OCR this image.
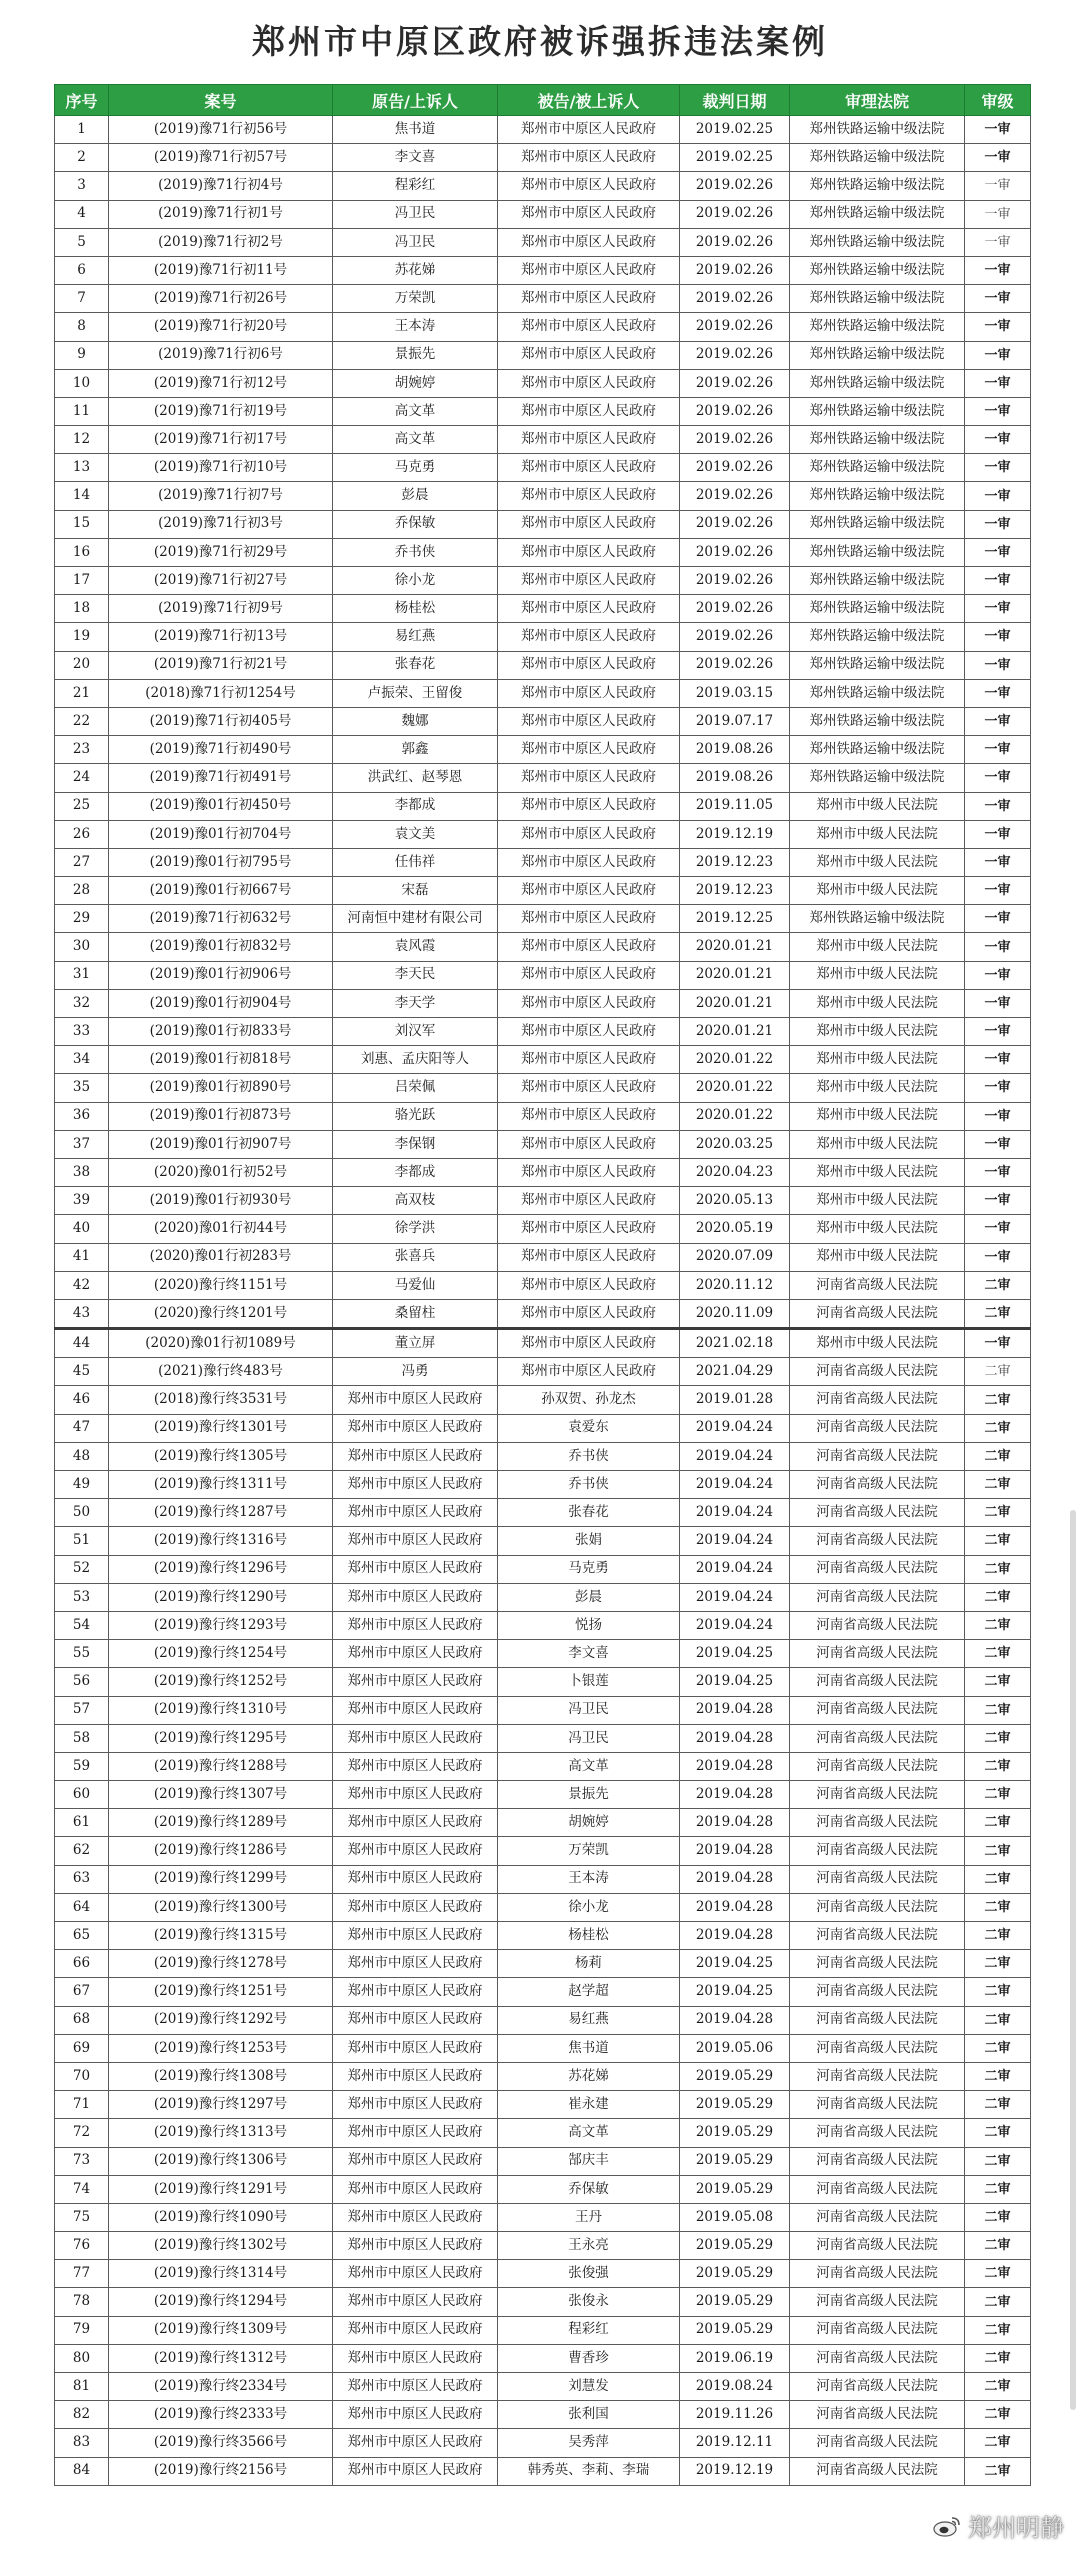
郑州市中原区政府被诉强拆违法案例
序号	案号	原告/上诉人	被告/被上诉人	裁判日期	审理法院	审级
1	(2019)豫71行初56号	焦书道	郑州市中原区人民政府	2019.02.25	郑州铁路运输中级法院	一审
2	(2019)豫71行初57号	李文喜	郑州市中原区人民政府	2019.02.25	郑州铁路运输中级法院	一审
3	(2019)豫71行初4号	程彩红	郑州市中原区人民政府	2019.02.26	郑州铁路运输中级法院	一审
4	(2019)豫71行初1号	冯卫民	郑州市中原区人民政府	2019.02.26	郑州铁路运输中级法院	一审
5	(2019)豫71行初2号	冯卫民	郑州市中原区人民政府	2019.02.26	郑州铁路运输中级法院	一审
6	(2019)豫71行初11号	苏花娣	郑州市中原区人民政府	2019.02.26	郑州铁路运输中级法院	一审
7	(2019)豫71行初26号	万荣凯	郑州市中原区人民政府	2019.02.26	郑州铁路运输中级法院	一审
8	(2019)豫71行初20号	王本涛	郑州市中原区人民政府	2019.02.26	郑州铁路运输中级法院	一审
9	(2019)豫71行初6号	景振先	郑州市中原区人民政府	2019.02.26	郑州铁路运输中级法院	一审
10	(2019)豫71行初12号	胡婉婷	郑州市中原区人民政府	2019.02.26	郑州铁路运输中级法院	一审
11	(2019)豫71行初19号	高文革	郑州市中原区人民政府	2019.02.26	郑州铁路运输中级法院	一审
12	(2019)豫71行初17号	高文革	郑州市中原区人民政府	2019.02.26	郑州铁路运输中级法院	一审
13	(2019)豫71行初10号	马克勇	郑州市中原区人民政府	2019.02.26	郑州铁路运输中级法院	一审
14	(2019)豫71行初7号	彭晨	郑州市中原区人民政府	2019.02.26	郑州铁路运输中级法院	一审
15	(2019)豫71行初3号	乔保敏	郑州市中原区人民政府	2019.02.26	郑州铁路运输中级法院	一审
16	(2019)豫71行初29号	乔书侠	郑州市中原区人民政府	2019.02.26	郑州铁路运输中级法院	一审
17	(2019)豫71行初27号	徐小龙	郑州市中原区人民政府	2019.02.26	郑州铁路运输中级法院	一审
18	(2019)豫71行初9号	杨桂松	郑州市中原区人民政府	2019.02.26	郑州铁路运输中级法院	一审
19	(2019)豫71行初13号	易红燕	郑州市中原区人民政府	2019.02.26	郑州铁路运输中级法院	一审
20	(2019)豫71行初21号	张春花	郑州市中原区人民政府	2019.02.26	郑州铁路运输中级法院	一审
21	(2018)豫71行初1254号	卢振荣、王留俊	郑州市中原区人民政府	2019.03.15	郑州铁路运输中级法院	一审
22	(2019)豫71行初405号	魏娜	郑州市中原区人民政府	2019.07.17	郑州铁路运输中级法院	一审
23	(2019)豫71行初490号	郭鑫	郑州市中原区人民政府	2019.08.26	郑州铁路运输中级法院	一审
24	(2019)豫71行初491号	洪武红、赵琴恩	郑州市中原区人民政府	2019.08.26	郑州铁路运输中级法院	一审
25	(2019)豫01行初450号	李都成	郑州市中原区人民政府	2019.11.05	郑州市中级人民法院	一审
26	(2019)豫01行初704号	袁文美	郑州市中原区人民政府	2019.12.19	郑州市中级人民法院	一审
27	(2019)豫01行初795号	任伟祥	郑州市中原区人民政府	2019.12.23	郑州市中级人民法院	一审
28	(2019)豫01行初667号	宋磊	郑州市中原区人民政府	2019.12.23	郑州市中级人民法院	一审
29	(2019)豫71行初632号	河南恒中建材有限公司	郑州市中原区人民政府	2019.12.25	郑州铁路运输中级法院	一审
30	(2019)豫01行初832号	袁风霞	郑州市中原区人民政府	2020.01.21	郑州市中级人民法院	一审
31	(2019)豫01行初906号	李天民	郑州市中原区人民政府	2020.01.21	郑州市中级人民法院	一审
32	(2019)豫01行初904号	李天学	郑州市中原区人民政府	2020.01.21	郑州市中级人民法院	一审
33	(2019)豫01行初833号	刘汉军	郑州市中原区人民政府	2020.01.21	郑州市中级人民法院	一审
34	(2019)豫01行初818号	刘惠、孟庆阳等人	郑州市中原区人民政府	2020.01.22	郑州市中级人民法院	一审
35	(2019)豫01行初890号	吕荣佩	郑州市中原区人民政府	2020.01.22	郑州市中级人民法院	一审
36	(2019)豫01行初873号	骆光跃	郑州市中原区人民政府	2020.01.22	郑州市中级人民法院	一审
37	(2019)豫01行初907号	李保钢	郑州市中原区人民政府	2020.03.25	郑州市中级人民法院	一审
38	(2020)豫01行初52号	李都成	郑州市中原区人民政府	2020.04.23	郑州市中级人民法院	一审
39	(2019)豫01行初930号	高双枝	郑州市中原区人民政府	2020.05.13	郑州市中级人民法院	一审
40	(2020)豫01行初44号	徐学洪	郑州市中原区人民政府	2020.05.19	郑州市中级人民法院	一审
41	(2020)豫01行初283号	张喜兵	郑州市中原区人民政府	2020.07.09	郑州市中级人民法院	一审
42	(2020)豫行终1151号	马爱仙	郑州市中原区人民政府	2020.11.12	河南省高级人民法院	二审
43	(2020)豫行终1201号	桑留柱	郑州市中原区人民政府	2020.11.09	河南省高级人民法院	二审
44	(2020)豫01行初1089号	董立屏	郑州市中原区人民政府	2021.02.18	郑州市中级人民法院	一审
45	(2021)豫行终483号	冯勇	郑州市中原区人民政府	2021.04.29	河南省高级人民法院	二审
46	(2018)豫行终3531号	郑州市中原区人民政府	孙双贺、孙龙杰	2019.01.28	河南省高级人民法院	二审
47	(2019)豫行终1301号	郑州市中原区人民政府	袁爱东	2019.04.24	河南省高级人民法院	二审
48	(2019)豫行终1305号	郑州市中原区人民政府	乔书侠	2019.04.24	河南省高级人民法院	二审
49	(2019)豫行终1311号	郑州市中原区人民政府	乔书侠	2019.04.24	河南省高级人民法院	二审
50	(2019)豫行终1287号	郑州市中原区人民政府	张春花	2019.04.24	河南省高级人民法院	二审
51	(2019)豫行终1316号	郑州市中原区人民政府	张娟	2019.04.24	河南省高级人民法院	二审
52	(2019)豫行终1296号	郑州市中原区人民政府	马克勇	2019.04.24	河南省高级人民法院	二审
53	(2019)豫行终1290号	郑州市中原区人民政府	彭晨	2019.04.24	河南省高级人民法院	二审
54	(2019)豫行终1293号	郑州市中原区人民政府	悦扬	2019.04.24	河南省高级人民法院	二审
55	(2019)豫行终1254号	郑州市中原区人民政府	李文喜	2019.04.25	河南省高级人民法院	二审
56	(2019)豫行终1252号	郑州市中原区人民政府	卜银莲	2019.04.25	河南省高级人民法院	二审
57	(2019)豫行终1310号	郑州市中原区人民政府	冯卫民	2019.04.28	河南省高级人民法院	二审
58	(2019)豫行终1295号	郑州市中原区人民政府	冯卫民	2019.04.28	河南省高级人民法院	二审
59	(2019)豫行终1288号	郑州市中原区人民政府	高文革	2019.04.28	河南省高级人民法院	二审
60	(2019)豫行终1307号	郑州市中原区人民政府	景振先	2019.04.28	河南省高级人民法院	二审
61	(2019)豫行终1289号	郑州市中原区人民政府	胡婉婷	2019.04.28	河南省高级人民法院	二审
62	(2019)豫行终1286号	郑州市中原区人民政府	万荣凯	2019.04.28	河南省高级人民法院	二审
63	(2019)豫行终1299号	郑州市中原区人民政府	王本涛	2019.04.28	河南省高级人民法院	二审
64	(2019)豫行终1300号	郑州市中原区人民政府	徐小龙	2019.04.28	河南省高级人民法院	二审
65	(2019)豫行终1315号	郑州市中原区人民政府	杨桂松	2019.04.28	河南省高级人民法院	二审
66	(2019)豫行终1278号	郑州市中原区人民政府	杨莉	2019.04.25	河南省高级人民法院	二审
67	(2019)豫行终1251号	郑州市中原区人民政府	赵学超	2019.04.25	河南省高级人民法院	二审
68	(2019)豫行终1292号	郑州市中原区人民政府	易红燕	2019.04.28	河南省高级人民法院	二审
69	(2019)豫行终1253号	郑州市中原区人民政府	焦书道	2019.05.06	河南省高级人民法院	二审
70	(2019)豫行终1308号	郑州市中原区人民政府	苏花娣	2019.05.29	河南省高级人民法院	二审
71	(2019)豫行终1297号	郑州市中原区人民政府	崔永建	2019.05.29	河南省高级人民法院	二审
72	(2019)豫行终1313号	郑州市中原区人民政府	高文革	2019.05.29	河南省高级人民法院	二审
73	(2019)豫行终1306号	郑州市中原区人民政府	郜庆丰	2019.05.29	河南省高级人民法院	二审
74	(2019)豫行终1291号	郑州市中原区人民政府	乔保敏	2019.05.29	河南省高级人民法院	二审
75	(2019)豫行终1090号	郑州市中原区人民政府	王丹	2019.05.08	河南省高级人民法院	二审
76	(2019)豫行终1302号	郑州市中原区人民政府	王永亮	2019.05.29	河南省高级人民法院	二审
77	(2019)豫行终1314号	郑州市中原区人民政府	张俊强	2019.05.29	河南省高级人民法院	二审
78	(2019)豫行终1294号	郑州市中原区人民政府	张俊永	2019.05.29	河南省高级人民法院	二审
79	(2019)豫行终1309号	郑州市中原区人民政府	程彩红	2019.05.29	河南省高级人民法院	二审
80	(2019)豫行终1312号	郑州市中原区人民政府	曹香珍	2019.06.19	河南省高级人民法院	二审
81	(2019)豫行终2334号	郑州市中原区人民政府	刘慧发	2019.08.24	河南省高级人民法院	二审
82	(2019)豫行终2333号	郑州市中原区人民政府	张利国	2019.11.26	河南省高级人民法院	二审
83	(2019)豫行终3566号	郑州市中原区人民政府	吴秀萍	2019.12.11	河南省高级人民法院	二审
84	(2019)豫行终2156号	郑州市中原区人民政府	韩秀英、李莉、李瑞	2019.12.19	河南省高级人民法院	二审
郑州明静
